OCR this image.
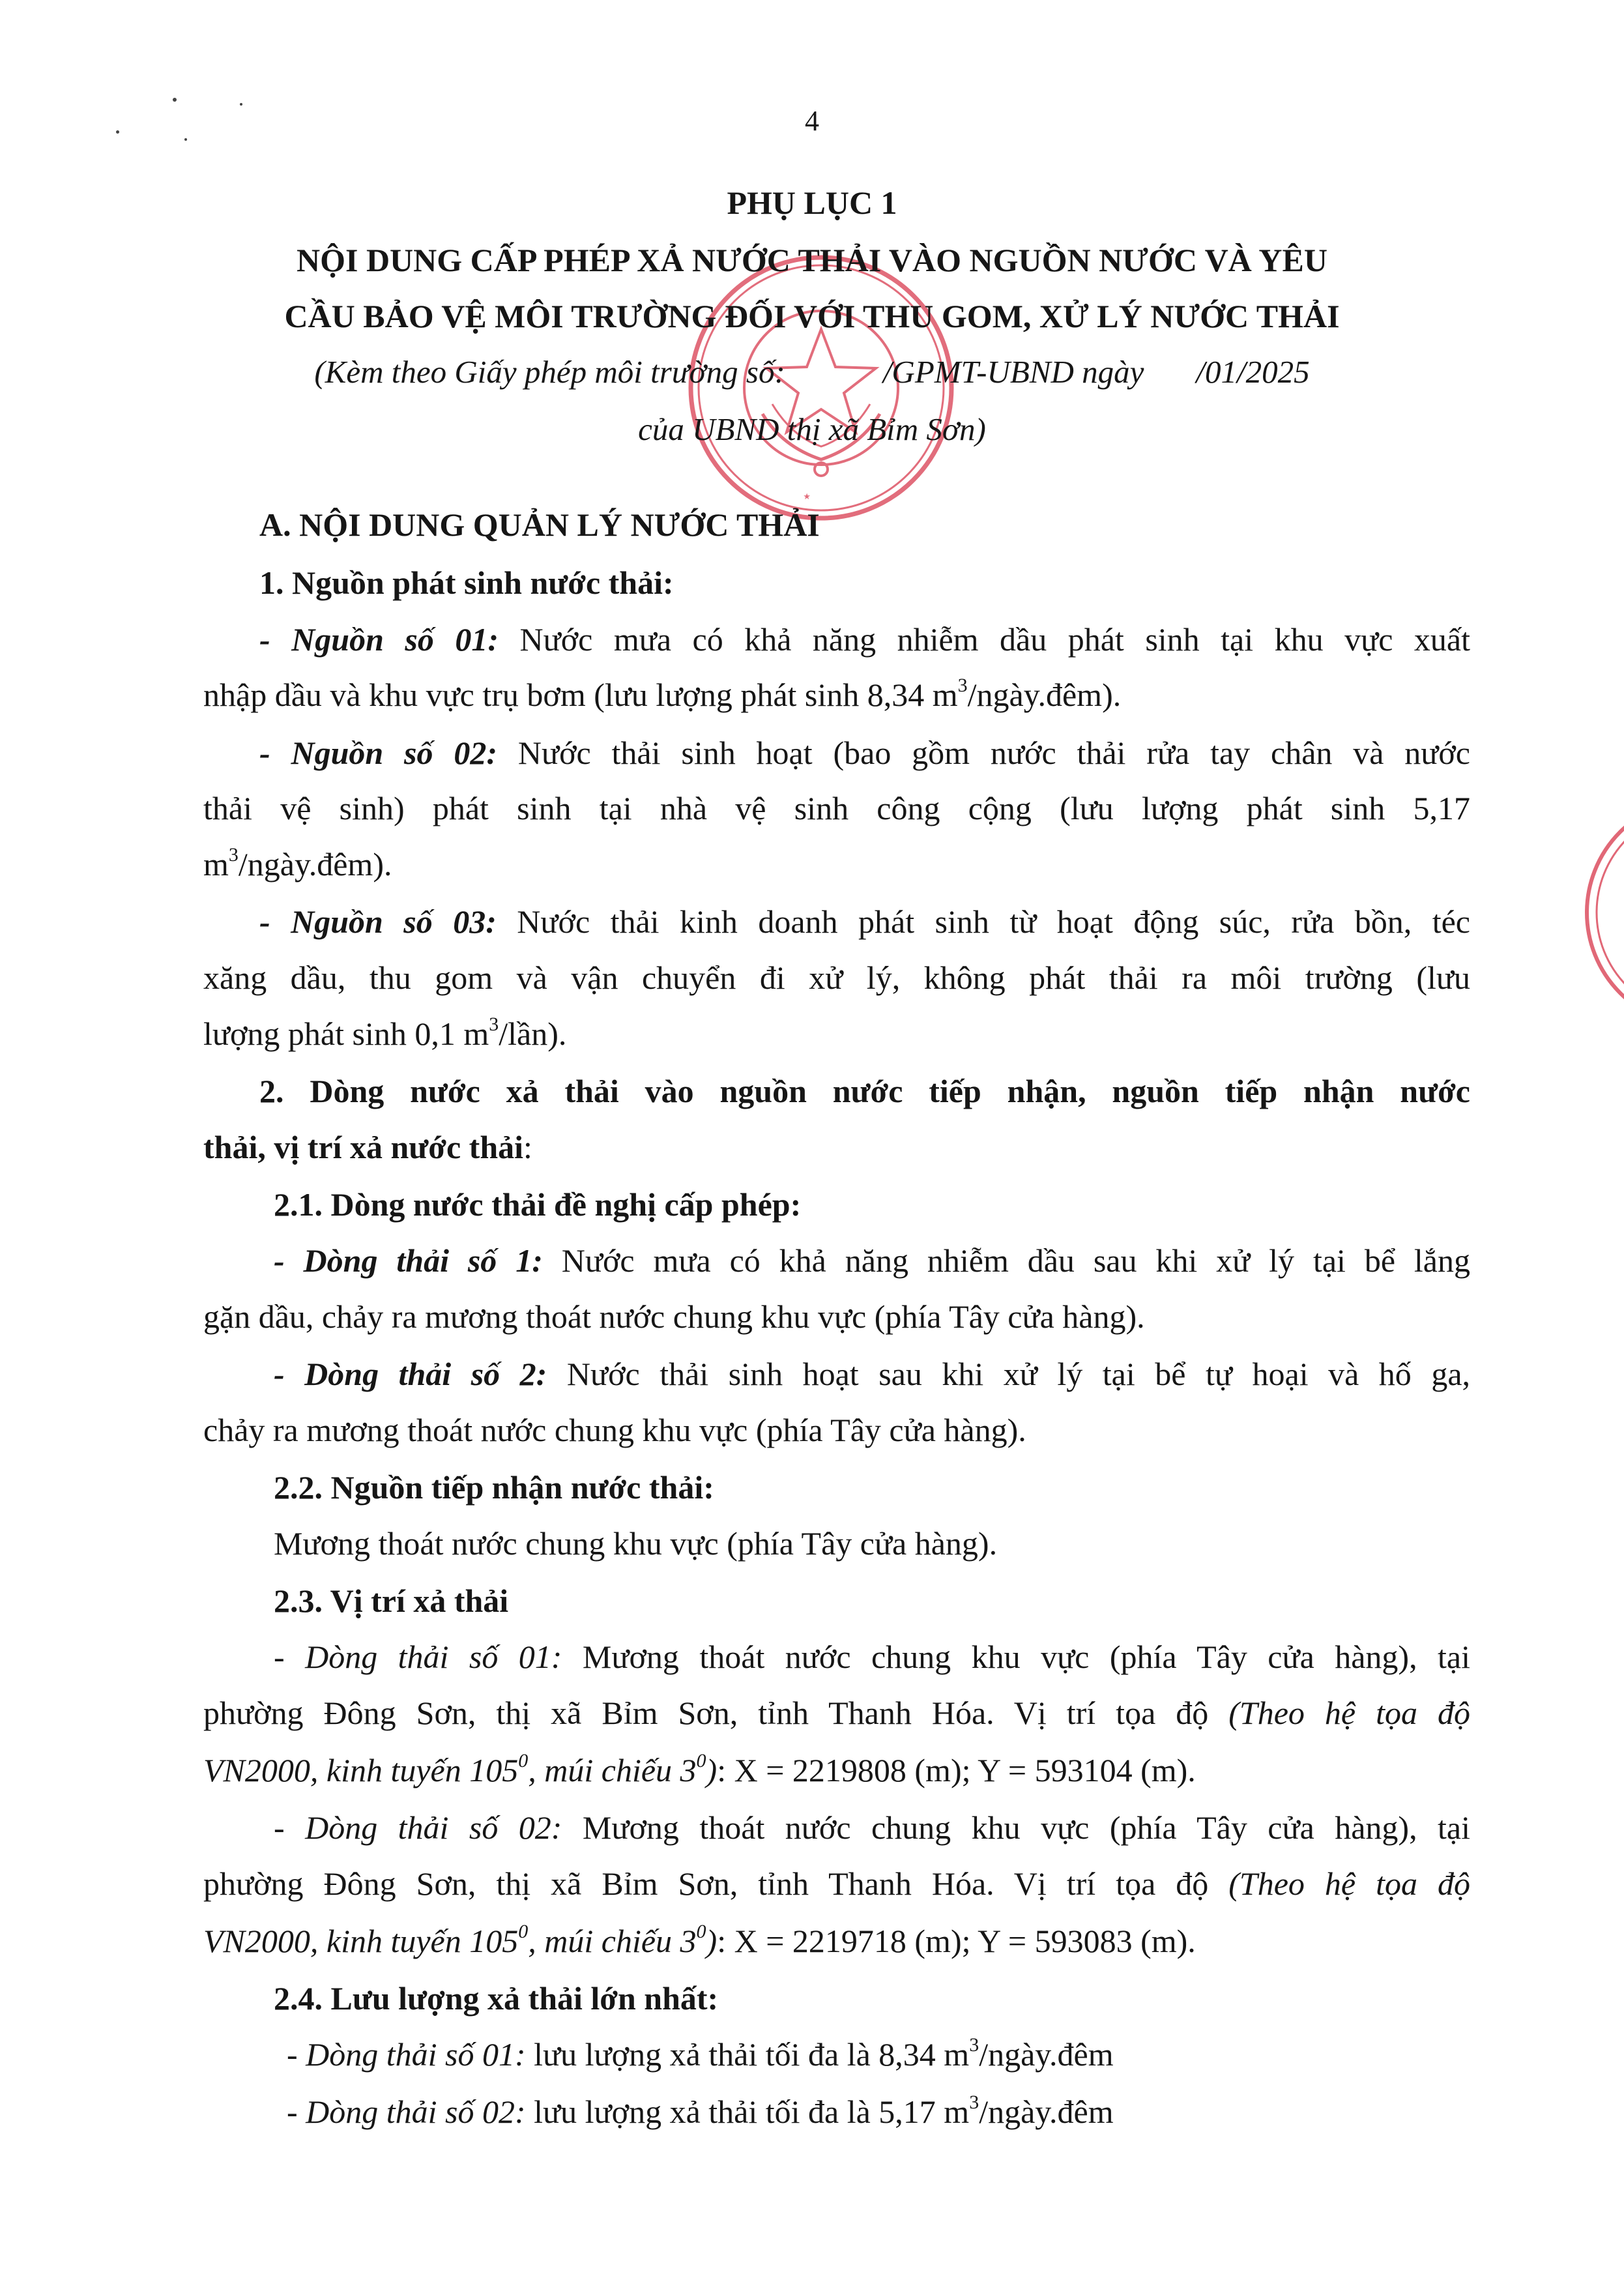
4
⋆
PHỤ LỤC 1
NỘI DUNG CẤP PHÉP XẢ NƯỚC THẢI VÀO NGUỒN NƯỚC VÀ YÊU
CẦU BẢO VỆ MÔI TRƯỜNG ĐỐI VỚI THU GOM, XỬ LÝ NƯỚC THẢI
(Kèm theo Giấy phép môi trường số:	/GPMT-UBND ngày /01/2025
của UBND thị xã Bỉm Sơn)
A. NỘI DUNG QUẢN LÝ NƯỚC THẢI
1. Nguồn phát sinh nước thải:
- Nguồn số 01: Nước mưa có khả năng nhiễm dầu phát sinh tại khu vực xuất
nhập dầu và khu vực trụ bơm (lưu lượng phát sinh 8,34 $m^3/ngày.đêm$).
- Nguồn số 02: Nước thải sinh hoạt (bao gồm nước thải rửa tay chân và nước
thải vệ sinh) phát sinh tại nhà vệ sinh công cộng (lưu lượng phát sinh 5,17
$m^3/ngày.đêm$).
- Nguồn số 03: Nước thải kinh doanh phát sinh từ hoạt động súc, rửa bồn, téc
xăng dầu, thu gom và vận chuyển đi xử lý, không phát thải ra môi trường (lưu
lượng phát sinh 0,1 $m^3/lần$).
2. Dòng nước xả thải vào nguồn nước tiếp nhận, nguồn tiếp nhận nước
thải, vị trí xả nước thải:
2.1. Dòng nước thải đề nghị cấp phép:
- Dòng thải số 1: Nước mưa có khả năng nhiễm dầu sau khi xử lý tại bể lắng
gặn dầu, chảy ra mương thoát nước chung khu vực (phía Tây cửa hàng).
- Dòng thải số 2: Nước thải sinh hoạt sau khi xử lý tại bể tự hoại và hố ga,
chảy ra mương thoát nước chung khu vực (phía Tây cửa hàng).
2.2. Nguồn tiếp nhận nước thải:
Mương thoát nước chung khu vực (phía Tây cửa hàng).
2.3. Vị trí xả thải
- Dòng thải số 01: Mương thoát nước chung khu vực (phía Tây cửa hàng), tại
phường Đông Sơn, thị xã Bỉm Sơn, tỉnh Thanh Hóa. Vị trí tọa độ (Theo hệ tọa độ
VN2000, kinh tuyến $105^0$, múi chiếu $3^0$): X = 2219808 (m); Y = 593104 (m).
- Dòng thải số 02: Mương thoát nước chung khu vực (phía Tây cửa hàng), tại
phường Đông Sơn, thị xã Bỉm Sơn, tỉnh Thanh Hóa. Vị trí tọa độ (Theo hệ tọa độ
VN2000, kinh tuyến $105^0$, múi chiếu $3^0$): X = 2219718 (m); Y = 593083 (m).
2.4. Lưu lượng xả thải lớn nhất:
- Dòng thải số 01: lưu lượng xả thải tối đa là 8,34 $m^3/ngày.đêm$
- Dòng thải số 02: lưu lượng xả thải tối đa là 5,17 $m^3/ngày.đêm$
